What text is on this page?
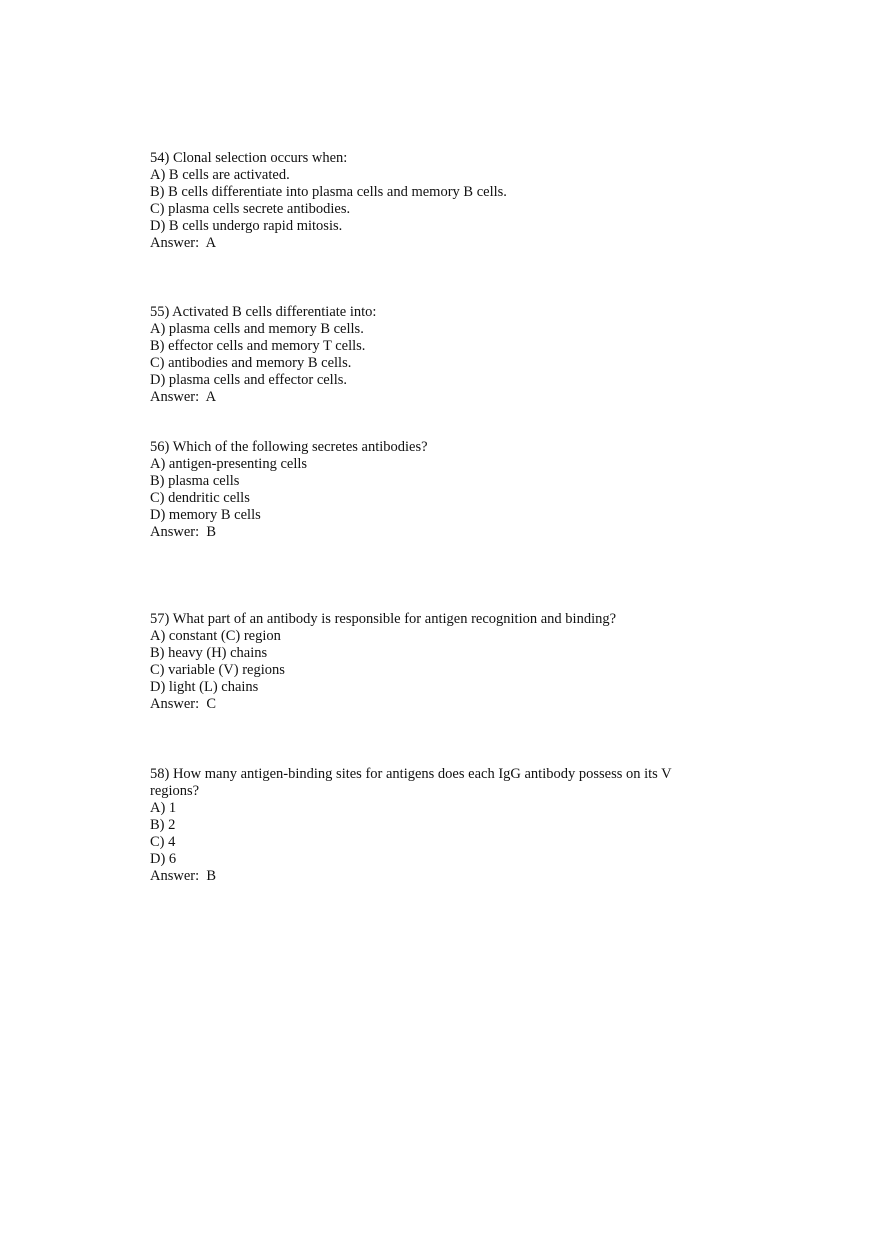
54) Clonal selection occurs when:
A) B cells are activated.
B) B cells differentiate into plasma cells and memory B cells.
C) plasma cells secrete antibodies.
D) B cells undergo rapid mitosis.
Answer:  A
55) Activated B cells differentiate into:
A) plasma cells and memory B cells.
B) effector cells and memory T cells.
C) antibodies and memory B cells.
D) plasma cells and effector cells.
Answer:  A
56) Which of the following secretes antibodies?
A) antigen-presenting cells
B) plasma cells
C) dendritic cells
D) memory B cells
Answer:  B
57) What part of an antibody is responsible for antigen recognition and binding?
A) constant (C) region
B) heavy (H) chains
C) variable (V) regions
D) light (L) chains
Answer:  C
58) How many antigen-binding sites for antigens does each IgG antibody possess on its V regions?
A) 1
B) 2
C) 4
D) 6
Answer:  B
